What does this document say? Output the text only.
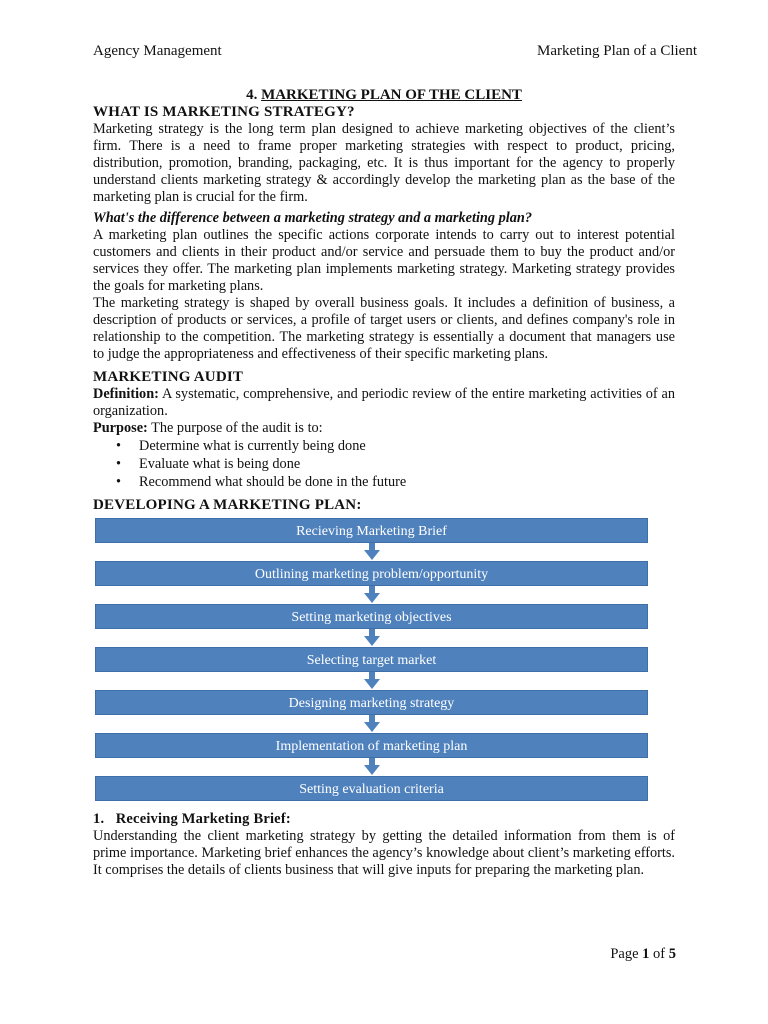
Agency Management	Marketing Plan of a Client
4. MARKETING PLAN OF THE CLIENT
WHAT IS MARKETING STRATEGY?

Marketing strategy is the long term plan designed to achieve marketing objectives of the client’s firm. There is a need to frame proper marketing strategies with respect to product, pricing, distribution, promotion, branding, packaging, etc. It is thus important for the agency to properly understand clients marketing strategy & accordingly develop the marketing plan as the base of the marketing plan is crucial for the firm.

What's the difference between a marketing strategy and a marketing plan?

A marketing plan outlines the specific actions corporate intends to carry out to interest potential customers and clients in their product and/or service and persuade them to buy the product and/or services they offer. The marketing plan implements marketing strategy. Marketing strategy provides the goals for marketing plans.

The marketing strategy is shaped by overall business goals. It includes a definition of business, a description of products or services, a profile of target users or clients, and defines company's role in relationship to the competition. The marketing strategy is essentially a document that managers use to judge the appropriateness and effectiveness of their specific marketing plans.

MARKETING AUDIT

Definition: A systematic, comprehensive, and periodic review of the entire marketing activities of an organization.

Purpose: The purpose of the audit is to:

• Determine what is currently being done
• Evaluate what is being done
• Recommend what should be done in the future
DEVELOPING A MARKETING PLAN:
Recieving Marketing Brief
Outlining marketing problem/opportunity
Setting marketing objectives
Selecting target market
Designing marketing strategy
Implementation of marketing plan
Setting evaluation criteria
1.   Receiving Marketing Brief:

Understanding the client marketing strategy by getting the detailed information from them is of prime importance. Marketing brief enhances the agency’s knowledge about client’s marketing efforts. It comprises the details of clients business that will give inputs for preparing the marketing plan.

Page 1 of 5
